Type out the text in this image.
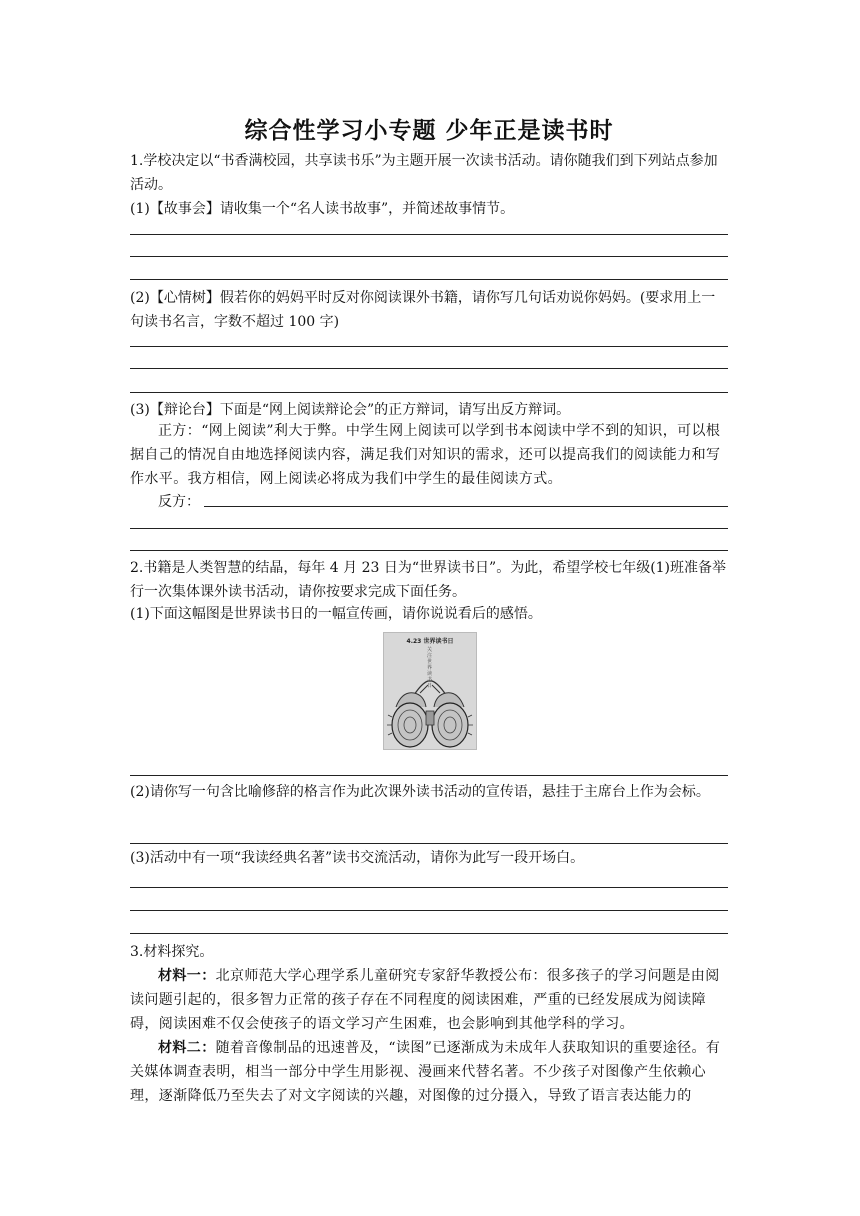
综合性学习小专题 少年正是读书时
1.学校决定以“书香满校园，共享读书乐”为主题开展一次读书活动。请你随我们到下列站点参加活动。
(1)【故事会】请收集一个“名人读书故事”，并简述故事情节。
(2)【心情树】假若你的妈妈平时反对你阅读课外书籍，请你写几句话劝说你妈妈。(要求用上一句读书名言，字数不超过 100 字)
(3)【辩论台】下面是“网上阅读辩论会”的正方辩词，请写出反方辩词。
正方：“网上阅读”利大于弊。中学生网上阅读可以学到书本阅读中学不到的知识，可以根据自己的情况自由地选择阅读内容，满足我们对知识的需求，还可以提高我们的阅读能力和写作水平。我方相信，网上阅读必将成为我们中学生的最佳阅读方式。
反方：
2.书籍是人类智慧的结晶，每年 4 月 23 日为“世界读书日”。为此，希望学校七年级(1)班准备举行一次集体课外读书活动，请你按要求完成下面任务。
(1)下面这幅图是世界读书日的一幅宣传画，请你说说看后的感悟。
4.23 世界读书日
关注世界读书日
(2)请你写一句含比喻修辞的格言作为此次课外读书活动的宣传语，悬挂于主席台上作为会标。
(3)活动中有一项“我读经典名著”读书交流活动，请你为此写一段开场白。
3.材料探究。
材料一：北京师范大学心理学系儿童研究专家舒华教授公布：很多孩子的学习问题是由阅读问题引起的，很多智力正常的孩子存在不同程度的阅读困难，严重的已经发展成为阅读障碍，阅读困难不仅会使孩子的语文学习产生困难，也会影响到其他学科的学习。
材料二：随着音像制品的迅速普及，“读图”已逐渐成为未成年人获取知识的重要途径。有关媒体调查表明，相当一部分中学生用影视、漫画来代替名著。不少孩子对图像产生依赖心理，逐渐降低乃至失去了对文字阅读的兴趣，对图像的过分摄入，导致了语言表达能力的
